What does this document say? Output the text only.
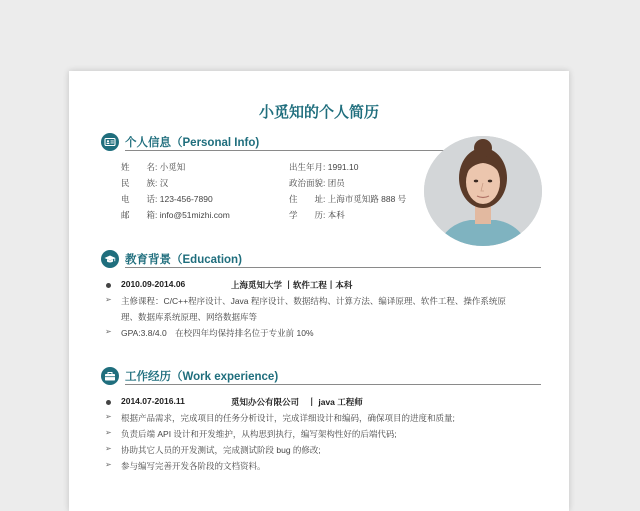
小觅知的个人简历
个人信息（Personal Info)
姓　　名: 小觅知
民　　族: 汉
电　　话: 123-456-7890
邮　　箱: info@51mizhi.com
出生年月: 1991.10
政治面貌: 团员
住　　址: 上海市觅知路 888 号
学　　历: 本科
教育背景（Education)
2010.09-2014.06	上海觅知大学 丨软件工程丨本科
➢ 主修课程：C/C++程序设计、Java 程序设计、数据结构、计算方法、编译原理、软件工程、操作系统原
理、数据库系统原理、网络数据库等
➢ GPA:3.8/4.0　在校四年均保持排名位于专业前 10%
工作经历（Work experience)
2014.07-2016.11	觅知办公有限公司　丨 java 工程师
➢ 根据产品需求，完成项目的任务分析设计，完成详细设计和编码，确保项目的进度和质量;
➢ 负责后端 API 设计和开发维护，从构思到执行，编写架构性好的后端代码;
➢ 协助其它人员的开发测试，完成测试阶段 bug 的修改;
➢ 参与编写完善开发各阶段的文档资料。
